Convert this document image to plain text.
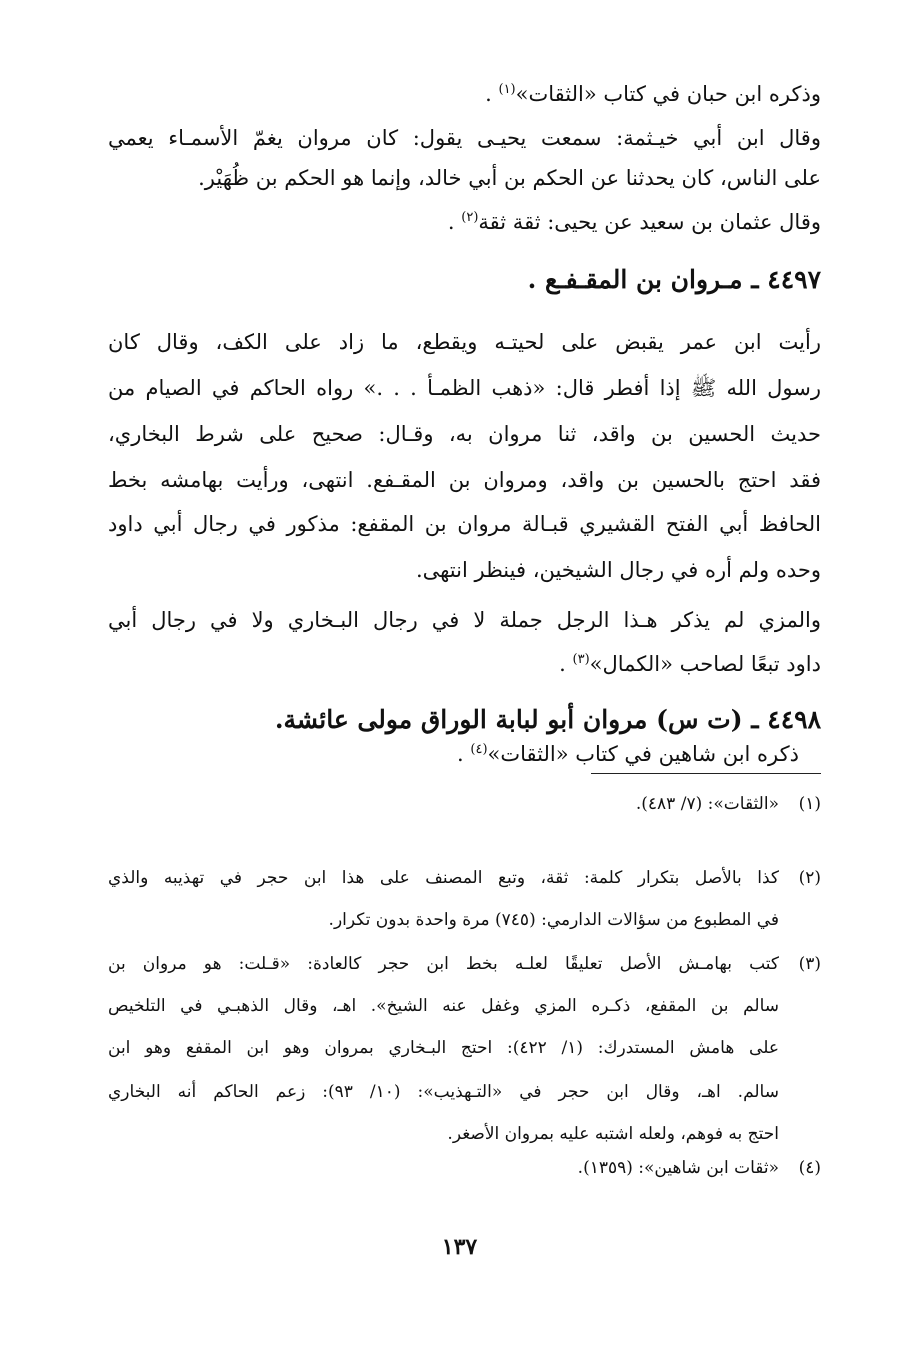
وذكره ابن حبان في كتاب «الثقات»$^{(١)}$ .
وقال ابن أبي خيـثمة: سمعت يحيـى يقول: كان مروان يغمّ الأسمـاء يعمي
على الناس، كان يحدثنا عن الحكم بن أبي خالد، وإنما هو الحكم بن ظُهَيْر.
وقال عثمان بن سعيد عن يحيى: ثقة ثقة$^{(٢)}$ .
٤٤٩٧ ـ مـروان بن المقـفـع .
رأيت ابن عمر يقبض على لحيتـه ويقطع، ما زاد على الكف، وقال كان
رسول الله ﷺ إذا أفطر قال: «ذهب الظمـأ . . .» رواه الحاكم في الصيام من
حديث الحسين بن واقد، ثنا مروان به، وقـال: صحيح على شرط البخاري،
فقد احتج بالحسين بن واقد، ومروان بن المقـفع. انتهى، ورأيت بهامشه بخط
الحافظ أبي الفتح القشيري قبـالة مروان بن المقفع: مذكور في رجال أبي داود
وحده ولم أره في رجال الشيخين، فينظر انتهى.
والمزي لم يذكر هـذا الرجل جملة لا في رجال البـخاري ولا في رجال أبي
داود تبعًا لصاحب «الكمال»$^{(٣)}$ .
٤٤٩٨ ـ (ت س) مروان أبو لبابة الوراق مولى عائشة.
ذكره ابن شاهين في كتاب «الثقات»$^{(٤)}$ .
(١)
«الثقات»: (٧/ ٤٨٣).
(٢)
كذا بالأصل بتكرار كلمة: ثقة، وتبع المصنف على هذا ابن حجر في تهذيبه والذي
في المطبوع من سؤالات الدارمي: (٧٤٥) مرة واحدة بدون تكرار.
(٣)
كتب بهامـش الأصل تعليقًا لعلـه بخط ابن حجر كالعادة: «قـلت: هو مروان بن
سالم بن المقفع، ذكـره المزي وغفل عنه الشيخ». اهـ، وقال الذهبـي في التلخيص
على هامش المستدرك: (١/ ٤٢٢): احتج البـخاري بمروان وهو ابن المقفع وهو ابن
سالم. اهـ، وقال ابن حجر في «التـهذيب»: (١٠/ ٩٣): زعم الحاكم أنه البخاري
احتج به فوهم، ولعله اشتبه عليه بمروان الأصغر.
(٤)
«ثقات ابن شاهين»: (١٣٥٩).
١٣٧
